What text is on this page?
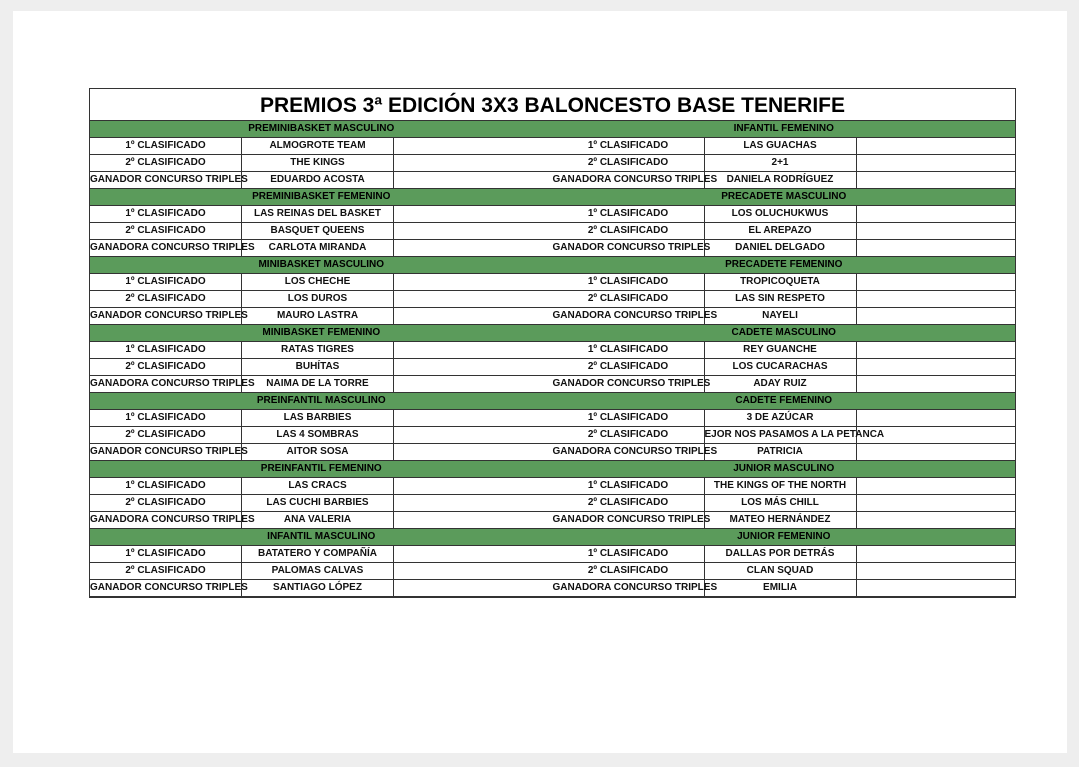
PREMIOS 3ª EDICIÓN 3X3 BALONCESTO BASE TENERIFE
PREMINIBASKET MASCULINO
1º CLASIFICADO	ALMOGROTE TEAM
2º CLASIFICADO	THE KINGS
GANADOR CONCURSO TRIPLES	EDUARDO ACOSTA
PREMINIBASKET FEMENINO
1º CLASIFICADO	LAS REINAS DEL BASKET
2º CLASIFICADO	BASQUET QUEENS
GANADORA CONCURSO TRIPLES	CARLOTA MIRANDA
MINIBASKET MASCULINO
1º CLASIFICADO	LOS CHECHE
2º CLASIFICADO	LOS DUROS
GANADOR CONCURSO TRIPLES	MAURO LASTRA
MINIBASKET FEMENINO
1º CLASIFICADO	RATAS TIGRES
2º CLASIFICADO	BUHÍTAS
GANADORA CONCURSO TRIPLES	NAIMA DE LA TORRE
PREINFANTIL MASCULINO
1º CLASIFICADO	LAS BARBIES
2º CLASIFICADO	LAS 4 SOMBRAS
GANADOR CONCURSO TRIPLES	AITOR SOSA
PREINFANTIL FEMENINO
1º CLASIFICADO	LAS CRACS
2º CLASIFICADO	LAS CUCHI BARBIES
GANADORA CONCURSO TRIPLES	ANA VALERIA
INFANTIL MASCULINO
1º CLASIFICADO	BATATERO Y COMPAÑÍA
2º CLASIFICADO	PALOMAS CALVAS
GANADOR CONCURSO TRIPLES	SANTIAGO LÓPEZ
INFANTIL FEMENINO
1º CLASIFICADO	LAS GUACHAS
2º CLASIFICADO	2+1
GANADORA CONCURSO TRIPLES DANIELA RODRÍGUEZ
PRECADETE MASCULINO
1º CLASIFICADO	LOS OLUCHUKWUS
2º CLASIFICADO	EL AREPAZO
GANADOR CONCURSO TRIPLES	DANIEL DELGADO
PRECADETE FEMENINO
1º CLASIFICADO	TROPICOQUETA
2º CLASIFICADO	LAS SIN RESPETO
GANADORA CONCURSO TRIPLES	NAYELI
CADETE MASCULINO
1º CLASIFICADO	REY GUANCHE
2º CLASIFICADO	LOS CUCARACHAS
GANADOR CONCURSO TRIPLES	ADAY RUIZ
CADETE FEMENINO
1º CLASIFICADO	3 DE AZÚCAR
2º CLASIFICADO	EJOR NOS PASAMOS A LA PETANCA
GANADORA CONCURSO TRIPLES	PATRICIA
JUNIOR MASCULINO
1º CLASIFICADO	THE KINGS OF THE NORTH
2º CLASIFICADO	LOS MÁS CHILL
GANADOR CONCURSO TRIPLES	MATEO HERNÁNDEZ
JUNIOR FEMENINO
1º CLASIFICADO	DALLAS POR DETRÁS
2º CLASIFICADO	CLAN SQUAD
GANADORA CONCURSO TRIPLES	EMILIA
